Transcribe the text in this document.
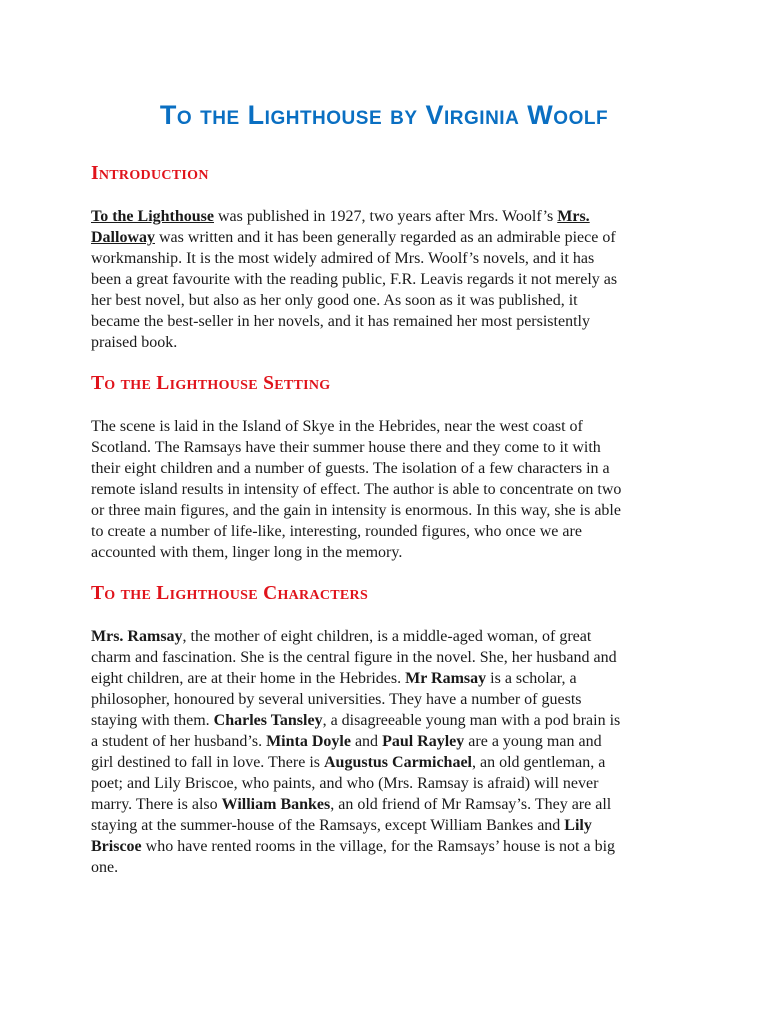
To the Lighthouse by Virginia Woolf
Introduction
To the Lighthouse was published in 1927, two years after Mrs. Woolf’s Mrs.
Dalloway was written and it has been generally regarded as an admirable piece of
workmanship. It is the most widely admired of Mrs. Woolf’s novels, and it has
been a great favourite with the reading public, F.R. Leavis regards it not merely as
her best novel, but also as her only good one. As soon as it was published, it
became the best-seller in her novels, and it has remained her most persistently
praised book.
To the Lighthouse Setting
The scene is laid in the Island of Skye in the Hebrides, near the west coast of
Scotland. The Ramsays have their summer house there and they come to it with
their eight children and a number of guests. The isolation of a few characters in a
remote island results in intensity of effect. The author is able to concentrate on two
or three main figures, and the gain in intensity is enormous. In this way, she is able
to create a number of life-like, interesting, rounded figures, who once we are
accounted with them, linger long in the memory.
To the Lighthouse Characters
Mrs. Ramsay, the mother of eight children, is a middle-aged woman, of great
charm and fascination. She is the central figure in the novel. She, her husband and
eight children, are at their home in the Hebrides. Mr Ramsay is a scholar, a
philosopher, honoured by several universities. They have a number of guests
staying with them. Charles Tansley, a disagreeable young man with a pod brain is
a student of her husband’s. Minta Doyle and Paul Rayley are a young man and
girl destined to fall in love. There is Augustus Carmichael, an old gentleman, a
poet; and Lily Briscoe, who paints, and who (Mrs. Ramsay is afraid) will never
marry. There is also William Bankes, an old friend of Mr Ramsay’s. They are all
staying at the summer-house of the Ramsays, except William Bankes and Lily
Briscoe who have rented rooms in the village, for the Ramsays’ house is not a big
one.
